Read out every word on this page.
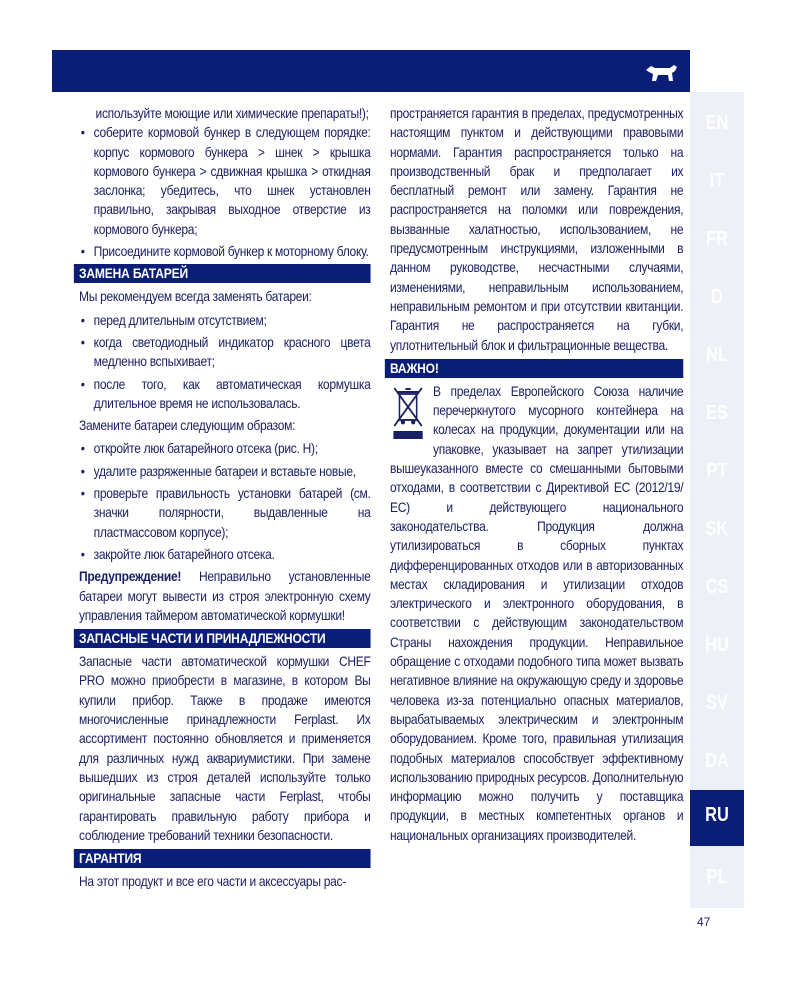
используйте моющие или химические препараты!);
• соберите кормовой бункер в следующем порядке: корпус кормового бункера > шнек > крышка кормового бункера > сдвижная крышка > откидная заслонка; убедитесь, что шнек установлен правильно, закрывая выходное отверстие из кормового бункера;
• Присоедините кормовой бункер к моторному блоку.
ЗАМЕНА БАТАРЕЙ

Мы рекомендуем всегда заменять батареи:

• перед длительным отсутствием;
• когда светодиодный индикатор красного цвета медленно вспыхивает;
• после того, как автоматическая кормушка длительное время не использовалась.

Замените батареи следующим образом:

• откройте люк батарейного отсека (рис. H);
• удалите разряженные батареи и вставьте новые,
• проверьте правильность установки батарей (см. значки полярности, выдавленные на пластмассовом корпусе);
• закройте люк батарейного отсека.

Предупреждение! Неправильно установленные батареи могут вывести из строя электронную схему управления таймером автоматической кормушки!

ЗАПАСНЫЕ ЧАСТИ И ПРИНАДЛЕЖНОСТИ

Запасные части автоматической кормушки CHEF PRO можно приобрести в магазине, в котором Вы купили прибор. Также в продаже имеются многочисленные принадлежности Ferplast. Их ассортимент постоянно обновляется и применяется для различных нужд аквариумистики. При замене вышедших из строя деталей используйте только оригинальные запасные части Ferplast, чтобы гарантировать правильную работу прибора и соблюдение требований техники безопасности.

ГАРАНТИЯ

На этот продукт и все его части и аксессуары рас-

пространяется гарантия в пределах, предусмотренных настоящим пунктом и действующими правовыми нормами. Гарантия распространяется только на производственный брак и предполагает их бесплатный ремонт или замену. Гарантия не распространяется на поломки или повреждения, вызванные халатностью, использованием, не предусмотренным инструкциями, изложенными в данном руководстве, несчастными случаями, изменениями, неправильным использованием, неправильным ремонтом и при отсутствии квитанции. Гарантия не распространяется на губки, уплотнительный блок и фильтрационные вещества.

ВАЖНО!

В пределах Европейского Союза наличие перечеркнутого мусорного контейнера на колесах на продукции, документации или на упаковке, указывает на запрет утилизации вышеуказанного вместе со смешанными бытовыми отходами, в соответствии с Директивой ЕС (2012/19/ЕС) и действующего национального законодательства. Продукция должна утилизироваться в сборных пунктах дифференцированных отходов или в авторизованных местах складирования и утилизации отходов электрического и электронного оборудования, в соответствии с действующим законодательством Страны нахождения продукции. Неправильное обращение с отходами подобного типа может вызвать негативное влияние на окружающую среду и здоровье человека из-за потенциально опасных материалов, вырабатываемых электрическим и электронным оборудованием. Кроме того, правильная утилизация подобных материалов способствует эффективному использованию природных ресурсов. Дополнительную информацию можно получить у поставщика продукции, в местных компетентных органов и национальных организациях производителей.

EN
IT
FR
D
NL
ES
PT
SK
CS
HU
SV
DA
PL
RU
47
